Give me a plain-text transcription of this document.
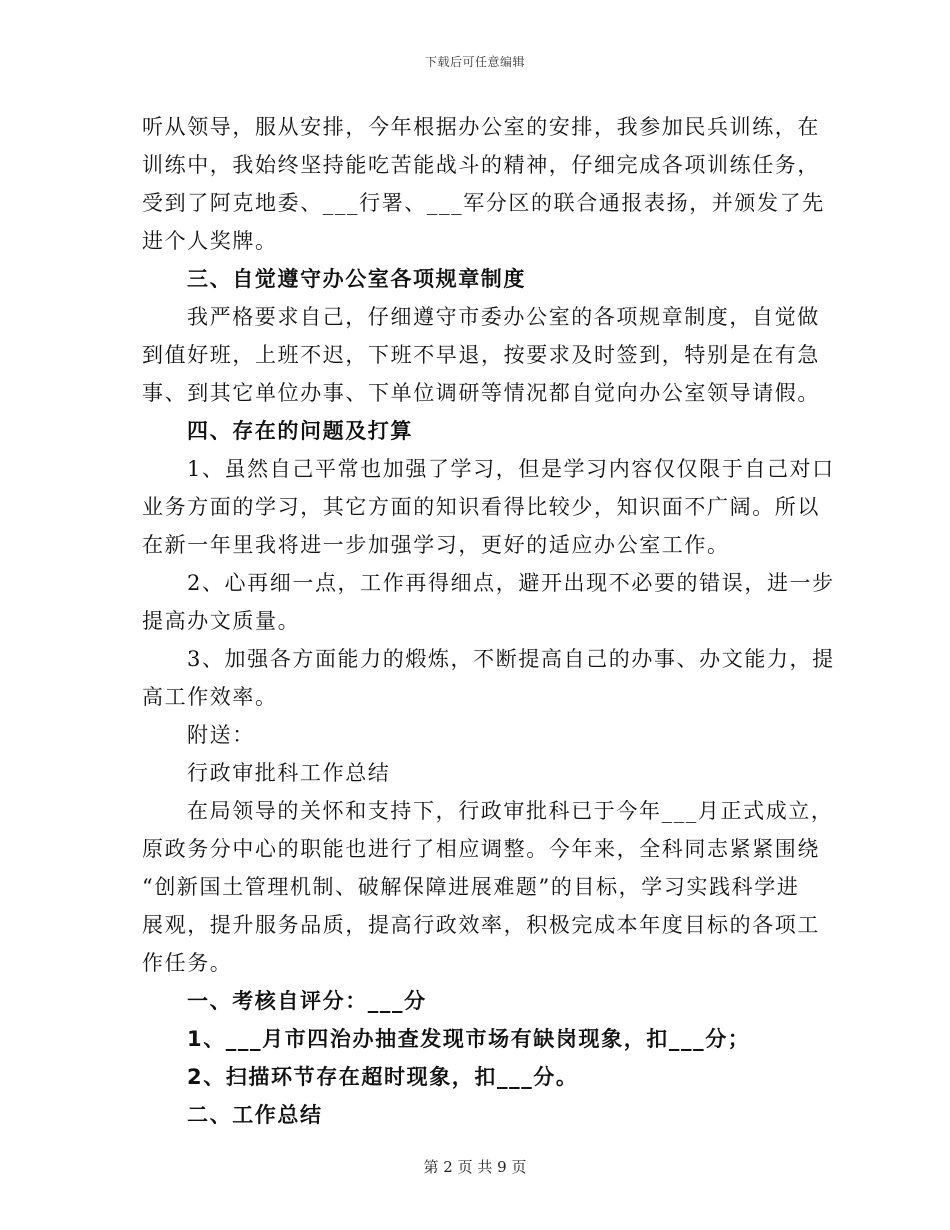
下载后可任意编辑
听从领导，服从安排，今年根据办公室的安排，我参加民兵训练，在
训练中，我始终坚持能吃苦能战斗的精神，仔细完成各项训练任务，
受到了阿克地委、___行署、___军分区的联合通报表扬，并颁发了先
进个人奖牌。
三、自觉遵守办公室各项规章制度
我严格要求自己，仔细遵守市委办公室的各项规章制度，自觉做
到值好班，上班不迟，下班不早退，按要求及时签到，特别是在有急
事、到其它单位办事、下单位调研等情况都自觉向办公室领导请假。
四、存在的问题及打算
1、虽然自己平常也加强了学习，但是学习内容仅仅限于自己对口
业务方面的学习，其它方面的知识看得比较少，知识面不广阔。所以
在新一年里我将进一步加强学习，更好的适应办公室工作。
2、心再细一点，工作再得细点，避开出现不必要的错误，进一步
提高办文质量。
3、加强各方面能力的煅炼，不断提高自己的办事、办文能力，提
高工作效率。
附送：
行政审批科工作总结
在局领导的关怀和支持下，行政审批科已于今年___月正式成立，
原政务分中心的职能也进行了相应调整。今年来，全科同志紧紧围绕
“创新国土管理机制、破解保障进展难题”的目标，学习实践科学进
展观，提升服务品质，提高行政效率，积极完成本年度目标的各项工
作任务。
一、考核自评分：___分
1、___月市四治办抽查发现市场有缺岗现象，扣___分；
2、扫描环节存在超时现象，扣___分。
二、工作总结
第 2 页 共 9 页
